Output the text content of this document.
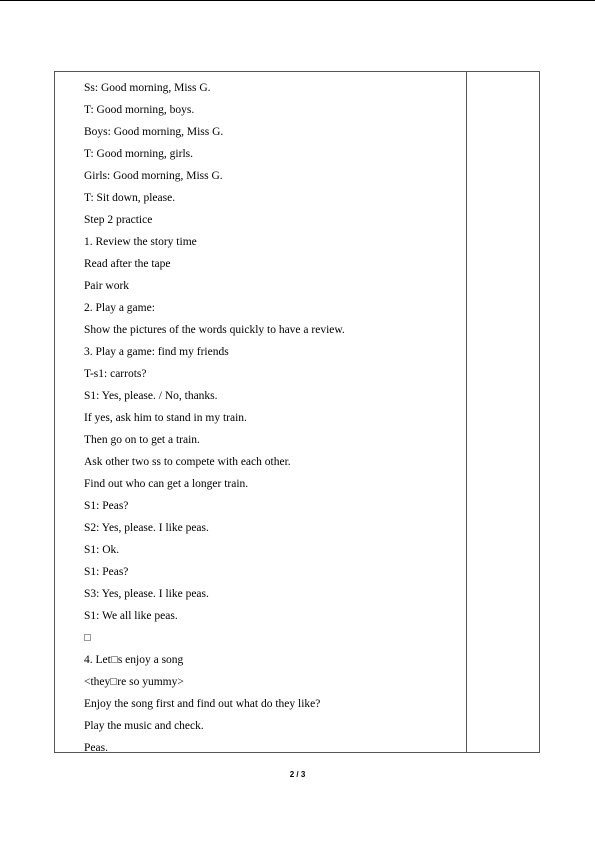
Ss: Good morning, Miss G.
T: Good morning, boys.
Boys: Good morning, Miss G.
T: Good morning, girls.
Girls: Good morning, Miss G.
T: Sit down, please.
Step 2 practice
1. Review the story time
Read after the tape
Pair work
2. Play a game:
Show the pictures of the words quickly to have a review.
3. Play a game: find my friends
T-s1: carrots?
S1: Yes, please. / No, thanks.
If yes, ask him to stand in my train.
Then go on to get a train.
Ask other two ss to compete with each other.
Find out who can get a longer train.
S1: Peas?
S2: Yes, please. I like peas.
S1: Ok.
S1: Peas?
S3: Yes, please. I like peas.
S1: We all like peas.
4. Let s enjoy a song
<they re so yummy>
Enjoy the song first and find out what do they like?
Play the music and check.
Peas.
2 / 3
